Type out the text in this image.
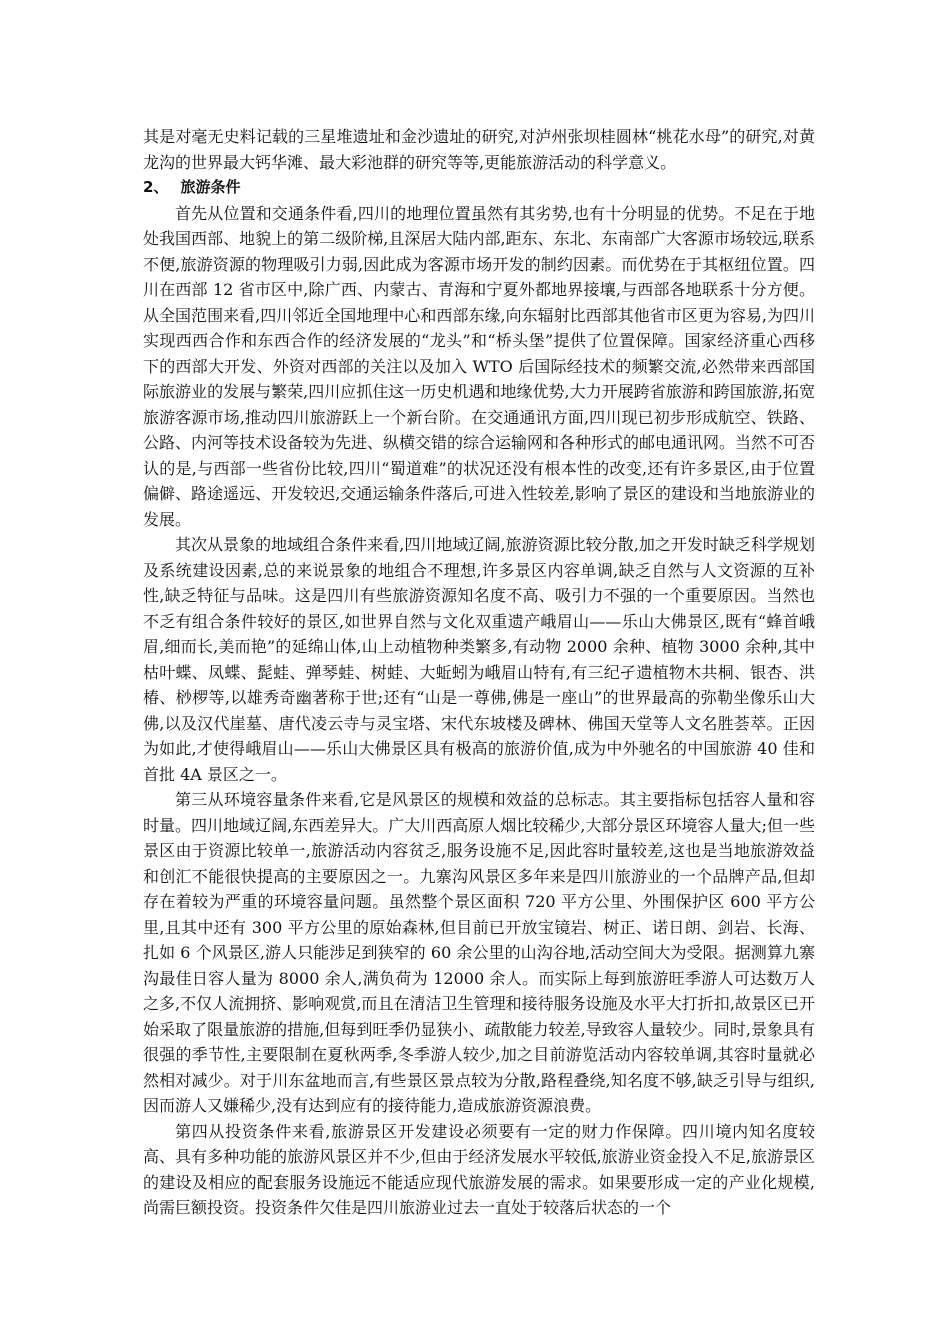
其是对毫无史料记载的三星堆遗址和金沙遗址的研究,对泸州张坝桂圆林“桃花水母”的研究,对黄龙沟的世界最大钙华滩、最大彩池群的研究等等,更能旅游活动的科学意义。

2、 旅游条件

首先从位置和交通条件看,四川的地理位置虽然有其劣势,也有十分明显的优势。不足在于地处我国西部、地貌上的第二级阶梯,且深居大陆内部,距东、东北、东南部广大客源市场较远,联系不便,旅游资源的物理吸引力弱,因此成为客源市场开发的制约因素。而优势在于其枢纽位置。四川在西部 12 省市区中,除广西、内蒙古、青海和宁夏外都地界接壤,与西部各地联系十分方便。从全国范围来看,四川邻近全国地理中心和西部东缘,向东辐射比西部其他省市区更为容易,为四川实现西西合作和东西合作的经济发展的“龙头”和“桥头堡”提供了位置保障。国家经济重心西移下的西部大开发、外资对西部的关注以及加入 WTO 后国际经技术的频繁交流,必然带来西部国际旅游业的发展与繁荣,四川应抓住这一历史机遇和地缘优势,大力开展跨省旅游和跨国旅游,拓宽旅游客源市场,推动四川旅游跃上一个新台阶。在交通通讯方面,四川现已初步形成航空、铁路、公路、内河等技术设备较为先进、纵横交错的综合运输网和各种形式的邮电通讯网。当然不可否认的是,与西部一些省份比较,四川“蜀道难”的状况还没有根本性的改变,还有许多景区,由于位置偏僻、路途遥远、开发较迟,交通运输条件落后,可进入性较差,影响了景区的建设和当地旅游业的发展。

其次从景象的地域组合条件来看,四川地域辽阔,旅游资源比较分散,加之开发时缺乏科学规划及系统建设因素,总的来说景象的地组合不理想,许多景区内容单调,缺乏自然与人文资源的互补性,缺乏特征与品味。这是四川有些旅游资源知名度不高、吸引力不强的一个重要原因。当然也不乏有组合条件较好的景区,如世界自然与文化双重遗产峨眉山——乐山大佛景区,既有“蜂首峨眉,细而长,美而艳”的延绵山体,山上动植物种类繁多,有动物 2000 余种、植物 3000 余种,其中枯叶蝶、凤蝶、髭蛙、弹琴蛙、树蛙、大蚯蚓为峨眉山特有,有三纪孑遗植物木共桐、银杏、洪椿、桫椤等,以雄秀奇幽著称于世;还有“山是一尊佛,佛是一座山”的世界最高的弥勒坐像乐山大佛,以及汉代崖墓、唐代凌云寺与灵宝塔、宋代东坡楼及碑林、佛国天堂等人文名胜荟萃。正因为如此,才使得峨眉山——乐山大佛景区具有极高的旅游价值,成为中外驰名的中国旅游 40 佳和首批 4A 景区之一。

第三从环境容量条件来看,它是风景区的规模和效益的总标志。其主要指标包括容人量和容时量。四川地域辽阔,东西差异大。广大川西高原人烟比较稀少,大部分景区环境容人量大;但一些景区由于资源比较单一,旅游活动内容贫乏,服务设施不足,因此容时量较差,这也是当地旅游效益和创汇不能很快提高的主要原因之一。九寨沟风景区多年来是四川旅游业的一个品牌产品,但却存在着较为严重的环境容量问题。虽然整个景区面积 720 平方公里、外围保护区 600 平方公里,且其中还有 300 平方公里的原始森林,但目前已开放宝镜岩、树正、诺日朗、剑岩、长海、扎如 6 个风景区,游人只能涉足到狭窄的 60 余公里的山沟谷地,活动空间大为受限。据测算九寨沟最佳日容人量为 8000 余人,满负荷为 12000 余人。而实际上每到旅游旺季游人可达数万人之多,不仅人流拥挤、影响观赏,而且在清洁卫生管理和接待服务设施及水平大打折扣,故景区已开始采取了限量旅游的措施,但每到旺季仍显狭小、疏散能力较差,导致容人量较少。同时,景象具有很强的季节性,主要限制在夏秋两季,冬季游人较少,加之目前游览活动内容较单调,其容时量就必然相对减少。对于川东盆地而言,有些景区景点较为分散,路程叠绕,知名度不够,缺乏引导与组织,因而游人又嫌稀少,没有达到应有的接待能力,造成旅游资源浪费。

第四从投资条件来看,旅游景区开发建设必须要有一定的财力作保障。四川境内知名度较高、具有多种功能的旅游风景区并不少,但由于经济发展水平较低,旅游业资金投入不足,旅游景区的建设及相应的配套服务设施远不能适应现代旅游发展的需求。如果要形成一定的产业化规模,尚需巨额投资。投资条件欠佳是四川旅游业过去一直处于较落后状态的一个
